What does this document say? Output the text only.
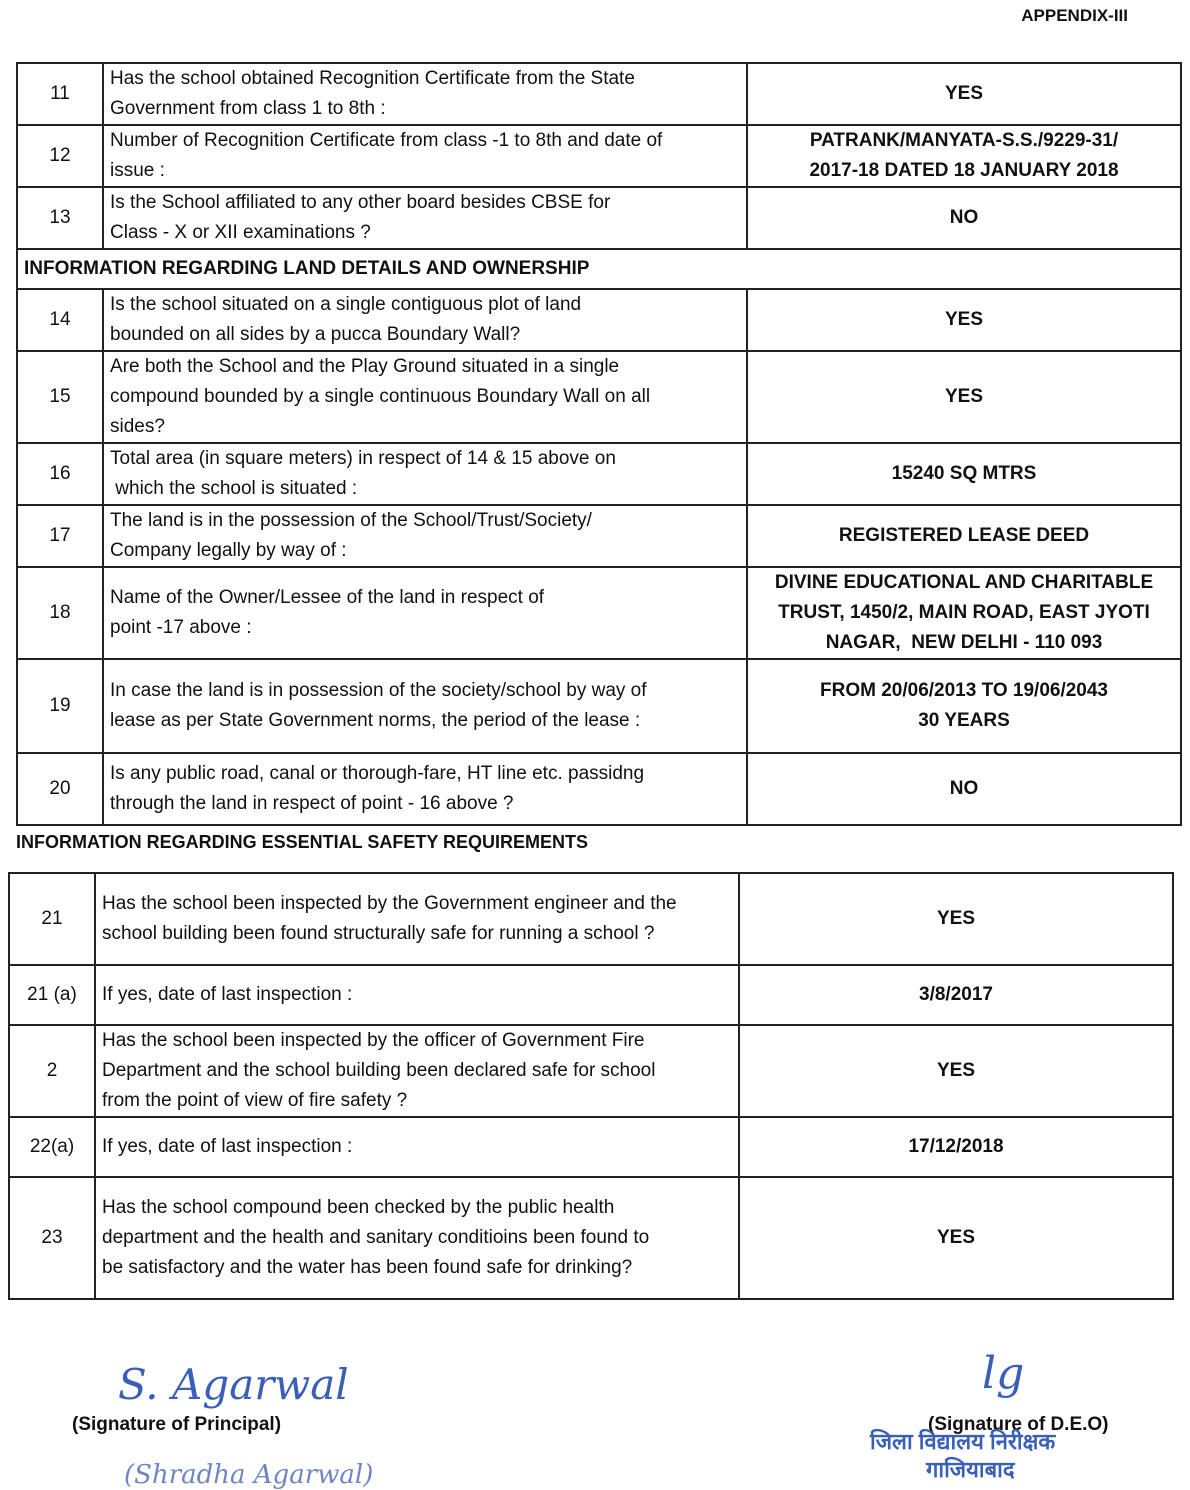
APPENDIX-III
11	Has the school obtained Recognition Certificate from the State
Government from class 1 to 8th :	YES

12	Number of Recognition Certificate from class -1 to 8th and date of
issue :	PATRANK/MANYATA-S.S./9229-31/
2017-18 DATED 18 JANUARY 2018

13	Is the School affiliated to any other board besides CBSE for
Class - X or XII examinations ?	NO

INFORMATION REGARDING LAND DETAILS AND OWNERSHIP		
14	Is the school situated on a single contiguous plot of land
bounded on all sides by a pucca Boundary Wall?	YES

15	Are both the School and the Play Ground situated in a single
compound bounded by a single continuous Boundary Wall on all
sides?	YES

16	Total area (in square meters) in respect of 14 & 15 above on
which the school is situated :	15240 SQ MTRS

17	The land is in the possession of the School/Trust/Society/
Company legally by way of :	REGISTERED LEASE DEED

18	Name of the Owner/Lessee of the land in respect of
point -17 above :	DIVINE EDUCATIONAL AND CHARITABLE
TRUST, 1450/2, MAIN ROAD, EAST JYOTI
NAGAR,  NEW DELHI - 110 093

19	In case the land is in possession of the society/school by way of
lease as per State Government norms, the period of the lease :	FROM 20/06/2013 TO 19/06/2043
30 YEARS

20	Is any public road, canal or thorough-fare, HT line etc. passidng
through the land in respect of point - 16 above ?	NO
INFORMATION REGARDING ESSENTIAL SAFETY REQUIREMENTS
21	Has the school been inspected by the Government engineer and the
school building been found structurally safe for running a school ?	YES

21 (a)	If yes, date of last inspection :	3/8/2017

2	Has the school been inspected by the officer of Government Fire
Department and the school building been declared safe for school
from the point of view of fire safety ?	YES

22(a)	If yes, date of last inspection :	17/12/2018

23	Has the school compound been checked by the public health
department and the health and sanitary conditioins been found to
be satisfactory and the water has been found safe for drinking?	YES
S. Agarwal
(Signature of Principal)
(Shradha Agarwal)
lg
(Signature of D.E.O)
जिला विद्यालय निरीक्षक
गाजियाबाद
